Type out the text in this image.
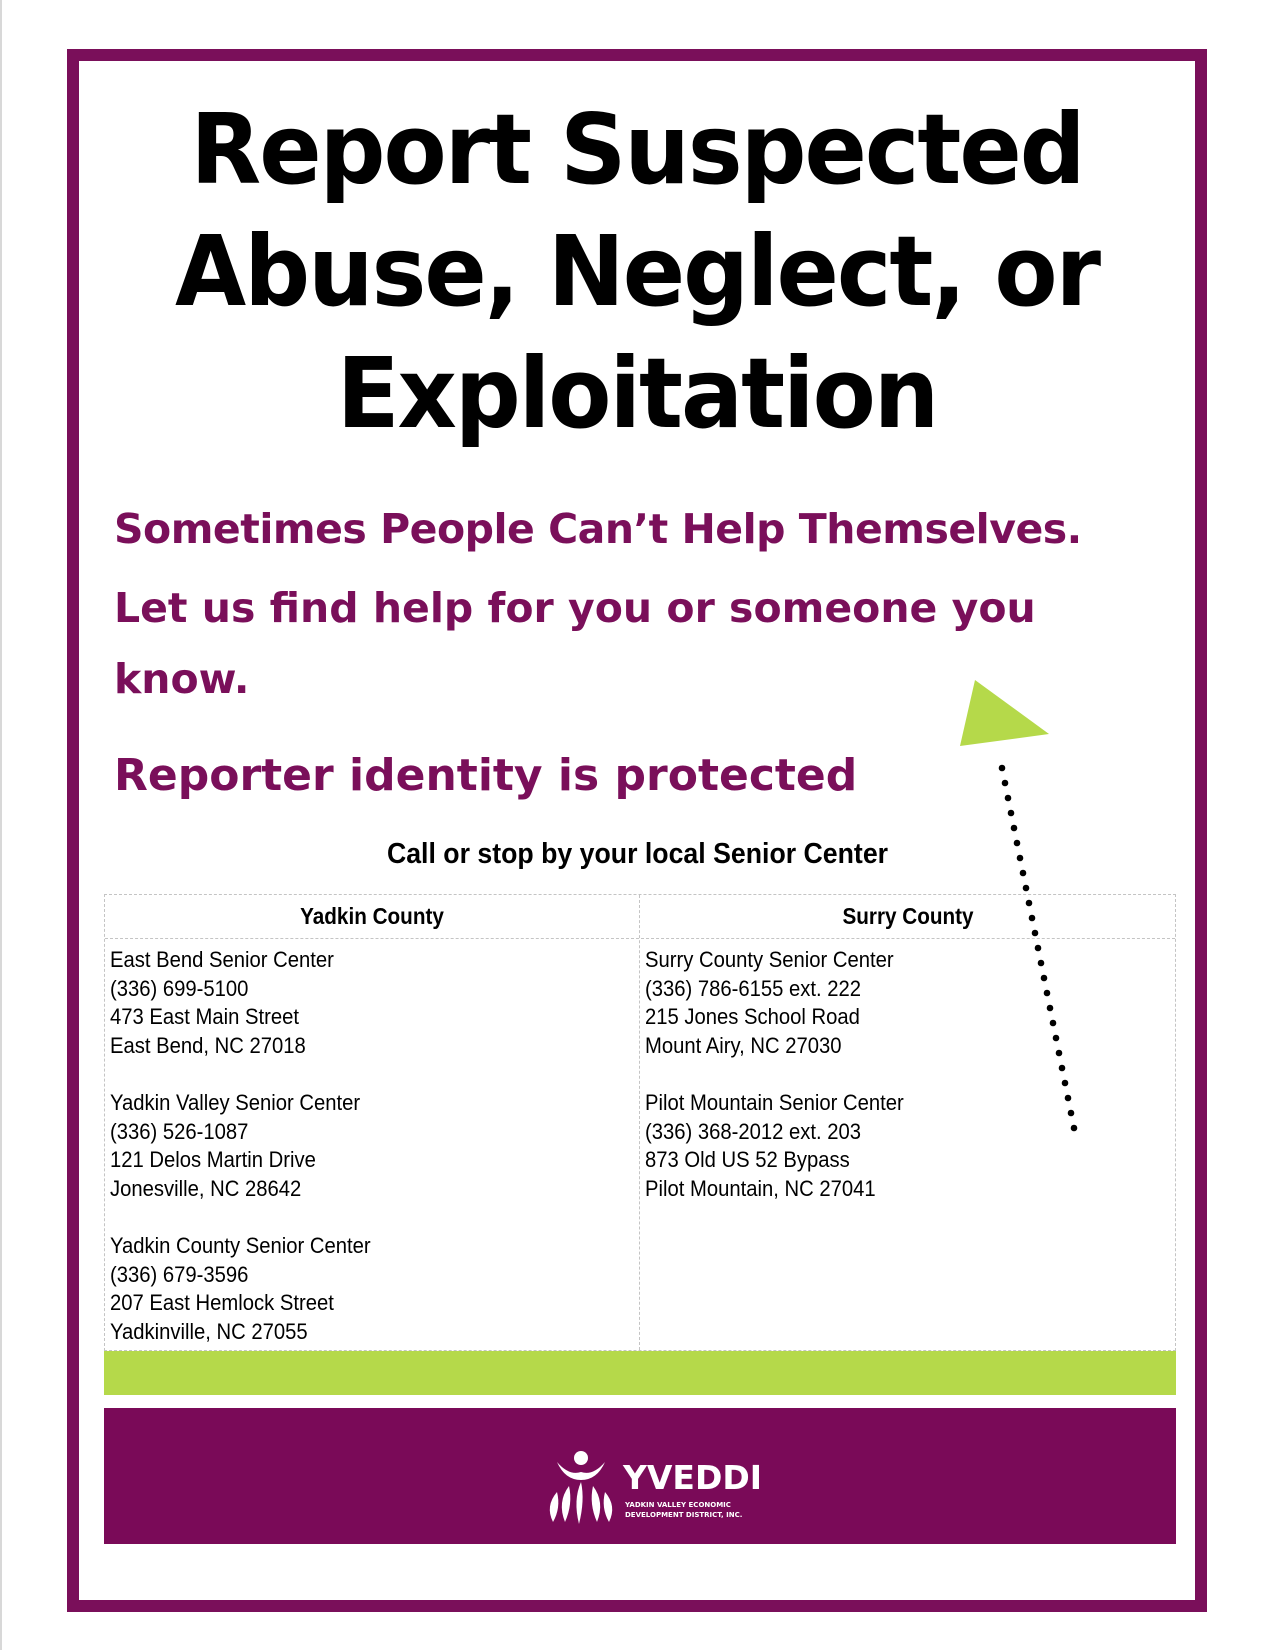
Report Suspected
Abuse, Neglect, or
Exploitation
Sometimes People Can’t Help Themselves.
Let us find help for you or someone you
know.
Reporter identity is protected
Call or stop by your local Senior Center
Yadkin County	Surry County
East Bend Senior Center
(336) 699-5100
473 East Main Street
East Bend, NC 27018
Yadkin Valley Senior Center
(336) 526-1087
121 Delos Martin Drive
Jonesville, NC 28642
Yadkin County Senior Center
(336) 679-3596
207 East Hemlock Street
Yadkinville, NC 27055
Surry County Senior Center
(336) 786-6155 ext. 222
215 Jones School Road
Mount Airy, NC 27030
Pilot Mountain Senior Center
(336) 368-2012 ext. 203
873 Old US 52 Bypass
Pilot Mountain, NC 27041
YVEDDI
YADKIN VALLEY ECONOMIC
DEVELOPMENT DISTRICT, INC.
